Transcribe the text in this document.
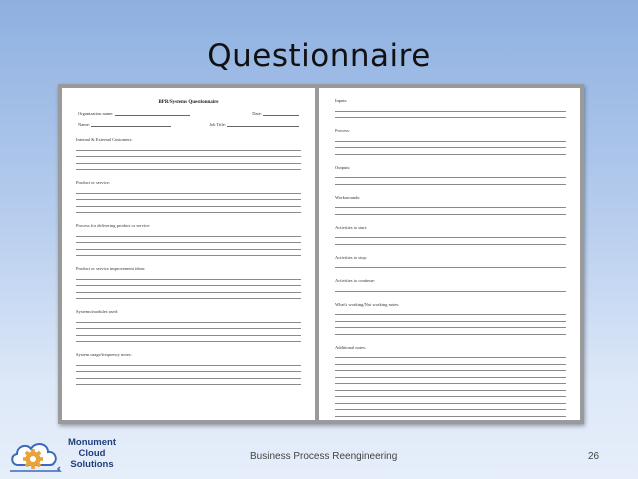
Questionnaire
BPR/Systems Questionnaire
Organization name:	Date:
Name:	Job Title:
Internal & External Customers:
Product or service:
Process for delivering product or service:
Product or service improvement ideas:
Systems/modules used:
System usage/frequency notes:
Inputs:
Process:
Outputs:
Workarounds:
Activities to start:
Activities to stop:
Activities to continue:
What's working/Not working notes:
Additional notes:
Monument
Cloud
Solutions
Business Process Reengineering	26
